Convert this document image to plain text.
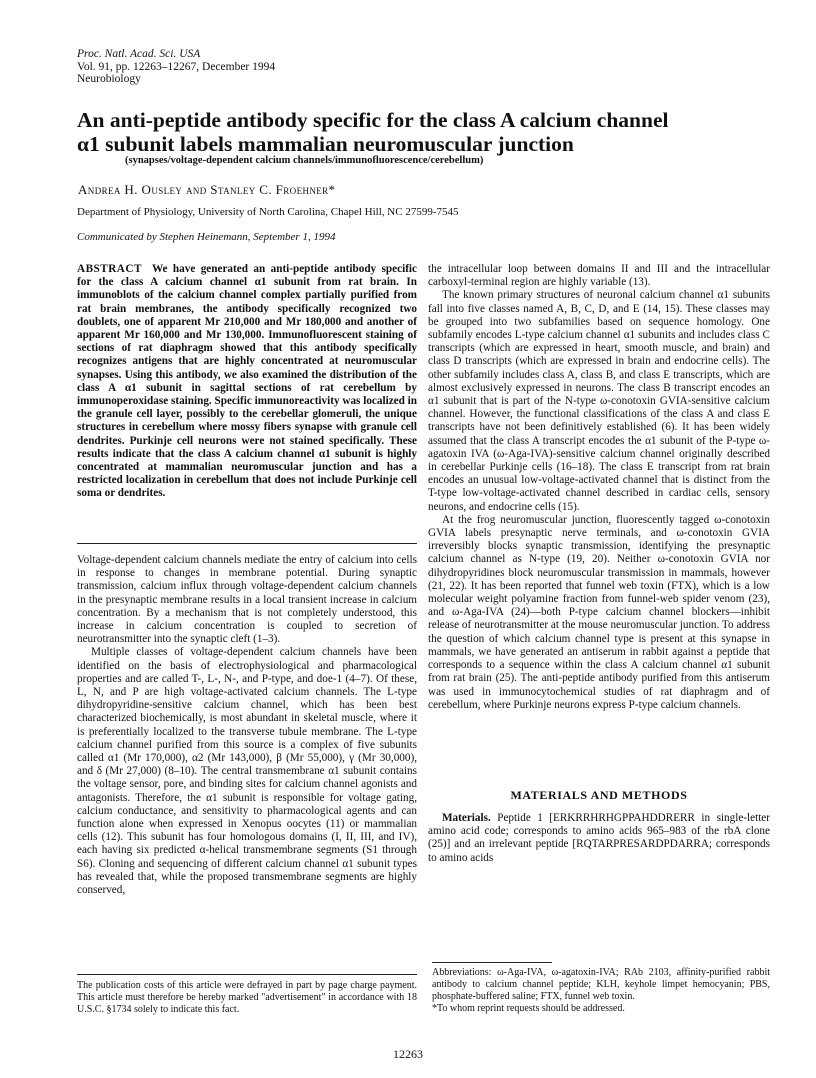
Proc. Natl. Acad. Sci. USA
Vol. 91, pp. 12263–12267, December 1994
Neurobiology
An anti-peptide antibody specific for the class A calcium channel
α1 subunit labels mammalian neuromuscular junction
(synapses/voltage-dependent calcium channels/immunofluorescence/cerebellum)
Andrea H. Ousley and Stanley C. Froehner*
Department of Physiology, University of North Carolina, Chapel Hill, NC 27599-7545
Communicated by Stephen Heinemann, September 1, 1994

ABSTRACT We have generated an anti-peptide antibody specific for the class A calcium channel α1 subunit from rat brain. In immunoblots of the calcium channel complex partially purified from rat brain membranes, the antibody specifically recognized two doublets, one of apparent Mr 210,000 and Mr 180,000 and another of apparent Mr 160,000 and Mr 130,000. Immunofluorescent staining of sections of rat diaphragm showed that this antibody specifically recognizes antigens that are highly concentrated at neuromuscular synapses. Using this antibody, we also examined the distribution of the class A α1 subunit in sagittal sections of rat cerebellum by immunoperoxidase staining. Specific immunoreactivity was localized in the granule cell layer, possibly to the cerebellar glomeruli, the unique structures in cerebellum where mossy fibers synapse with granule cell dendrites. Purkinje cell neurons were not stained specifically. These results indicate that the class A calcium channel α1 subunit is highly concentrated at mammalian neuromuscular junction and has a restricted localization in cerebellum that does not include Purkinje cell soma or dendrites.

Voltage-dependent calcium channels mediate the entry of calcium into cells in response to changes in membrane potential. During synaptic transmission, calcium influx through voltage-dependent calcium channels in the presynaptic membrane results in a local transient increase in calcium concentration. By a mechanism that is not completely understood, this increase in calcium concentration is coupled to secretion of neurotransmitter into the synaptic cleft (1–3).

Multiple classes of voltage-dependent calcium channels have been identified on the basis of electrophysiological and pharmacological properties and are called T-, L-, N-, and P-type, and doe-1 (4–7). Of these, L, N, and P are high voltage-activated calcium channels. The L-type dihydropyridine-sensitive calcium channel, which has been best characterized biochemically, is most abundant in skeletal muscle, where it is preferentially localized to the transverse tubule membrane. The L-type calcium channel purified from this source is a complex of five subunits called α1 (Mr 170,000), α2 (Mr 143,000), β (Mr 55,000), γ (Mr 30,000), and δ (Mr 27,000) (8–10). The central transmembrane α1 subunit contains the voltage sensor, pore, and binding sites for calcium channel agonists and antagonists. Therefore, the α1 subunit is responsible for voltage gating, calcium conductance, and sensitivity to pharmacological agents and can function alone when expressed in Xenopus oocytes (11) or mammalian cells (12). This subunit has four homologous domains (I, II, III, and IV), each having six predicted α-helical transmembrane segments (S1 through S6). Cloning and sequencing of different calcium channel α1 subunit types has revealed that, while the proposed transmembrane segments are highly conserved,

the intracellular loop between domains II and III and the intracellular carboxyl-terminal region are highly variable (13).

The known primary structures of neuronal calcium channel α1 subunits fall into five classes named A, B, C, D, and E (14, 15). These classes may be grouped into two subfamilies based on sequence homology. One subfamily encodes L-type calcium channel α1 subunits and includes class C transcripts (which are expressed in heart, smooth muscle, and brain) and class D transcripts (which are expressed in brain and endocrine cells). The other subfamily includes class A, class B, and class E transcripts, which are almost exclusively expressed in neurons. The class B transcript encodes an α1 subunit that is part of the N-type ω-conotoxin GVIA-sensitive calcium channel. However, the functional classifications of the class A and class E transcripts have not been definitively established (6). It has been widely assumed that the class A transcript encodes the α1 subunit of the P-type ω-agatoxin IVA (ω-Aga-IVA)-sensitive calcium channel originally described in cerebellar Purkinje cells (16–18). The class E transcript from rat brain encodes an unusual low-voltage-activated channel that is distinct from the T-type low-voltage-activated channel described in cardiac cells, sensory neurons, and endocrine cells (15).

At the frog neuromuscular junction, fluorescently tagged ω-conotoxin GVIA labels presynaptic nerve terminals, and ω-conotoxin GVIA irreversibly blocks synaptic transmission, identifying the presynaptic calcium channel as N-type (19, 20). Neither ω-conotoxin GVIA nor dihydropyridines block neuromuscular transmission in mammals, however (21, 22). It has been reported that funnel web toxin (FTX), which is a low molecular weight polyamine fraction from funnel-web spider venom (23), and ω-Aga-IVA (24)—both P-type calcium channel blockers—inhibit release of neurotransmitter at the mouse neuromuscular junction. To address the question of which calcium channel type is present at this synapse in mammals, we have generated an antiserum in rabbit against a peptide that corresponds to a sequence within the class A calcium channel α1 subunit from rat brain (25). The anti-peptide antibody purified from this antiserum was used in immunocytochemical studies of rat diaphragm and of cerebellum, where Purkinje neurons express P-type calcium channels.

MATERIALS AND METHODS

Materials. Peptide 1 [ERKRRHRHGPPAHDDRERR in single-letter amino acid code; corresponds to amino acids 965–983 of the rbA clone (25)] and an irrelevant peptide [RQTARPRESARDPDARRA; corresponds to amino acids

Abbreviations: ω-Aga-IVA, ω-agatoxin-IVA; RAb 2103, affinity-purified rabbit antibody to calcium channel peptide; KLH, keyhole limpet hemocyanin; PBS, phosphate-buffered saline; FTX, funnel web toxin.
*To whom reprint requests should be addressed.
The publication costs of this article were defrayed in part by page charge payment. This article must therefore be hereby marked "advertisement" in accordance with 18 U.S.C. §1734 solely to indicate this fact.
12263
